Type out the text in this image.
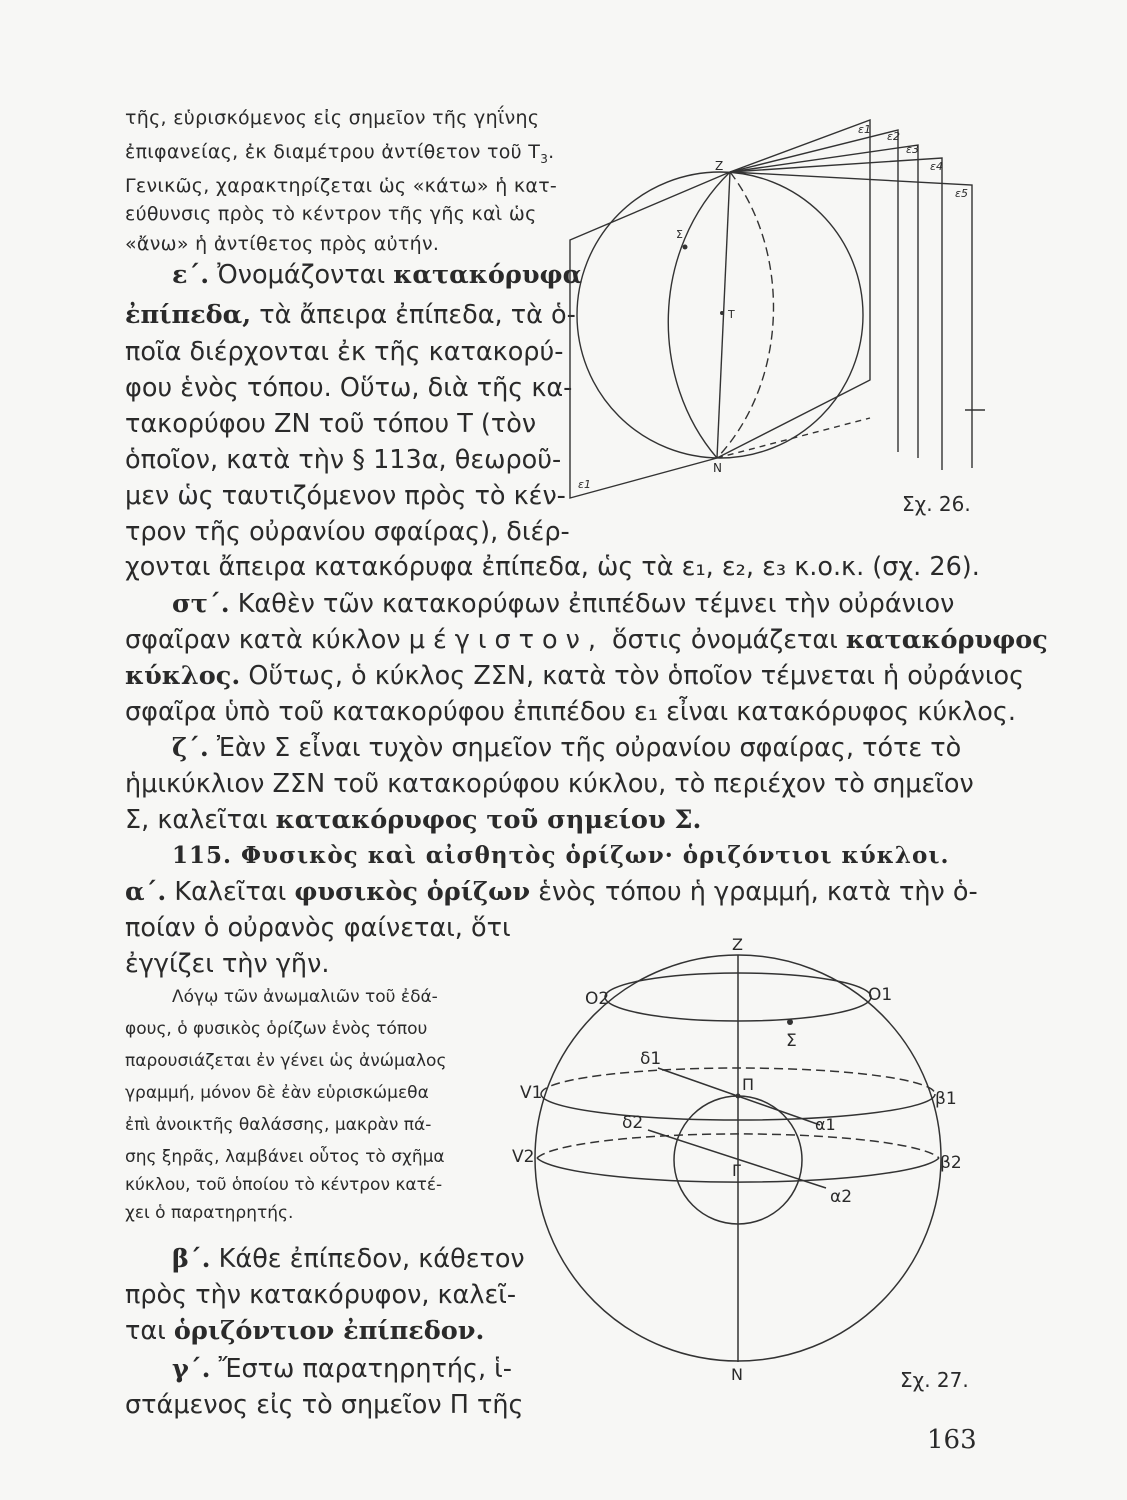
τῆς, εὑρισκόμενος εἰς σημεῖον τῆς γηΐνης
ἐπιφανείας, ἐκ διαμέτρου ἀντίθετον τοῦ $T_3$.
Γενικῶς, χαρακτηρίζεται ὡς «κάτω» ἡ κατ-
εύθυνσις πρὸς τὸ κέντρον τῆς γῆς καὶ ὡς
«ἄνω» ἡ ἀντίθετος πρὸς αὐτήν.
ε΄. Ὀνομάζονται κατακόρυφα
ἐπίπεδα, τὰ ἄπειρα ἐπίπεδα, τὰ ὁ-
ποῖα διέρχονται ἐκ τῆς κατακορύ-
φου ἑνὸς τόπου. Οὕτω, διὰ τῆς κα-
τακορύφου ΖΝ τοῦ τόπου Τ (τὸν
ὁποῖον, κατὰ τὴν § 113α, θεωροῦ-
μεν ὡς ταυτιζόμενον πρὸς τὸ κέν-
τρον τῆς οὐρανίου σφαίρας), διέρ-
χονται ἄπειρα κατακόρυφα ἐπίπεδα, ὡς τὰ ε₁, ε₂, ε₃ κ.ο.κ. (σχ. 26).
στ΄. Καθὲν τῶν κατακορύφων ἐπιπέδων τέμνει τὴν οὐράνιον
σφαῖραν κατὰ κύκλον μέγιστον, ὅστις ὀνομάζεται κατακόρυφος
κύκλος. Οὕτως, ὁ κύκλος ΖΣΝ, κατὰ τὸν ὁποῖον τέμνεται ἡ οὐράνιος
σφαῖρα ὑπὸ τοῦ κατακορύφου ἐπιπέδου ε₁ εἶναι κατακόρυφος κύκλος.
ζ΄. Ἐὰν Σ εἶναι τυχὸν σημεῖον τῆς οὐρανίου σφαίρας, τότε τὸ
ἡμικύκλιον ΖΣΝ τοῦ κατακορύφου κύκλου, τὸ περιέχον τὸ σημεῖον
Σ, καλεῖται κατακόρυφος τοῦ σημείου Σ.
115. Φυσικὸς καὶ αἰσθητὸς ὁρίζων· ὁριζόντιοι κύκλοι.
α΄. Καλεῖται φυσικὸς ὁρίζων ἑνὸς τόπου ἡ γραμμή, κατὰ τὴν ὁ-
ποίαν ὁ οὐρανὸς φαίνεται, ὅτι
ἐγγίζει τὴν γῆν.
Λόγῳ τῶν ἀνωμαλιῶν τοῦ ἐδά-
φους, ὁ φυσικὸς ὁρίζων ἑνὸς τόπου
παρουσιάζεται ἐν γένει ὡς ἀνώμαλος
γραμμή, μόνον δὲ ἐὰν εὑρισκώμεθα
ἐπὶ ἀνοικτῆς θαλάσσης, μακρὰν πά-
σης ξηρᾶς, λαμβάνει οὗτος τὸ σχῆμα
κύκλου, τοῦ ὁποίου τὸ κέντρον κατέ-
χει ὁ παρατηρητής.
β΄. Κάθε ἐπίπεδον, κάθετον
πρὸς τὴν κατακόρυφον, καλεῖ-
ται ὁριζόντιον ἐπίπεδον.
γ΄. Ἔστω παρατηρητής, ἱ-
στάμενος εἰς τὸ σημεῖον Π τῆς
Z
N
T
Σ
ε1
ε2
ε3
ε4
ε5
ε1
Σχ. 26.
Z
N
O2	O1
Σ
δ1
Π
V1	β1
α1
δ2
Γ
V2	β2
α2
Σχ. 27.
163
